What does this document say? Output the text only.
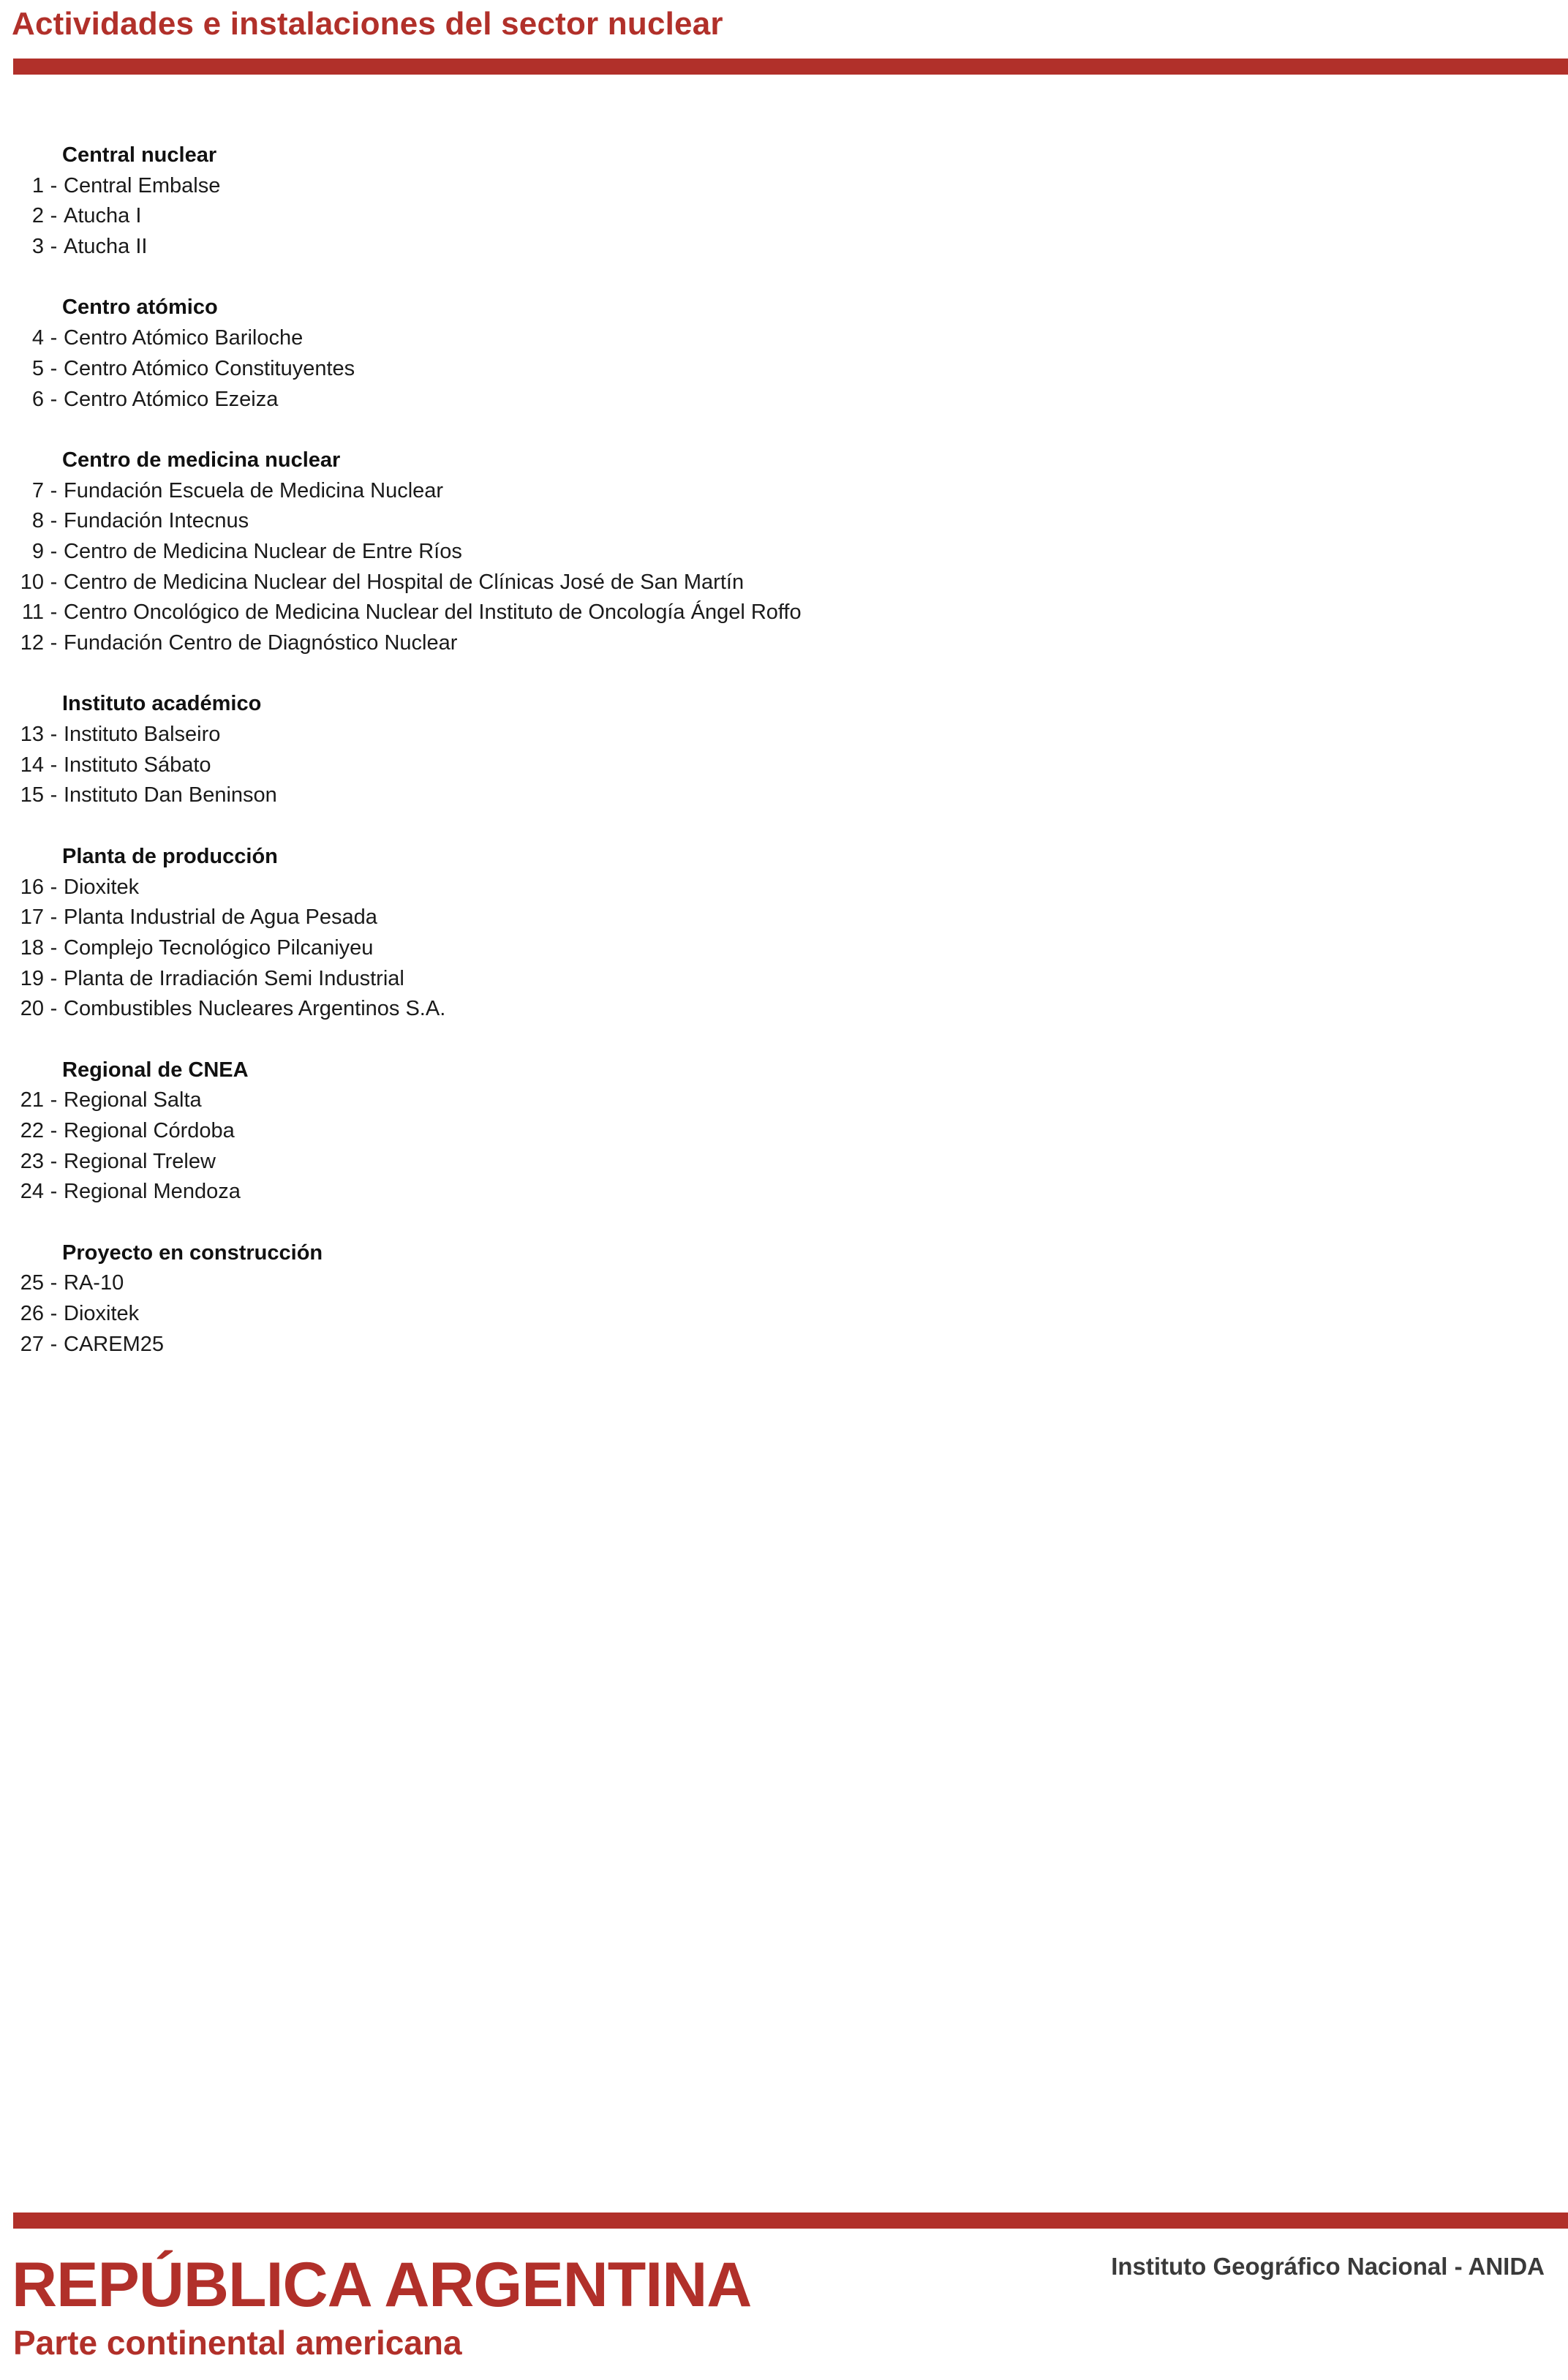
Actividades e instalaciones del sector nuclear
Central nuclear
1 - Central Embalse
2 - Atucha I
3 - Atucha II
Centro atómico
4 - Centro Atómico Bariloche
5 - Centro Atómico Constituyentes
6 - Centro Atómico Ezeiza
Centro de medicina nuclear
7 - Fundación Escuela de Medicina Nuclear
8 - Fundación Intecnus
9 - Centro de Medicina Nuclear de Entre Ríos
10 - Centro de Medicina Nuclear del Hospital de Clínicas José de San Martín
11 - Centro Oncológico de Medicina Nuclear del Instituto de Oncología Ángel Roffo
12 - Fundación Centro de Diagnóstico Nuclear
Instituto académico
13 - Instituto Balseiro
14 - Instituto Sábato
15 - Instituto Dan Beninson
Planta de producción
16 - Dioxitek
17 - Planta Industrial de Agua Pesada
18 - Complejo Tecnológico Pilcaniyeu
19 - Planta de Irradiación Semi Industrial
20 - Combustibles Nucleares Argentinos S.A.
Regional de CNEA
21 - Regional Salta
22 - Regional Córdoba
23 - Regional Trelew
24 - Regional Mendoza
Proyecto en construcción
25 - RA-10
26 - Dioxitek
27 - CAREM25
REPÚBLICA ARGENTINA
Parte continental americana
Instituto Geográfico Nacional - ANIDA
